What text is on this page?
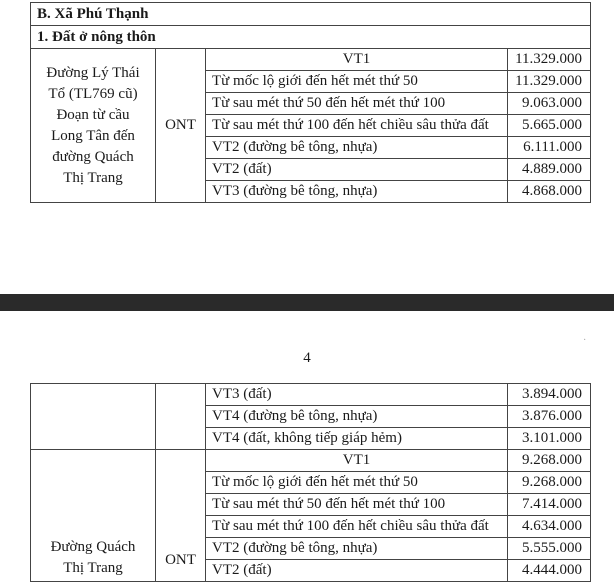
B. Xã Phú Thạnh			
1. Đất ở nông thôn			
Đường Lý Thái Tổ (TL769 cũ) Đoạn từ cầu Long Tân đến đường Quách Thị Trang	ONT	VT1	11.329.000
		Từ mốc lộ giới đến hết mét thứ 50	11.329.000
		Từ sau mét thứ 50 đến hết mét thứ 100	9.063.000
		Từ sau mét thứ 100 đến hết chiều sâu thửa đất	5.665.000
		VT2 (đường bê tông, nhựa)	6.111.000
		VT2 (đất)	4.889.000
		VT3 (đường bê tông, nhựa)	4.868.000
·
4
		VT3 (đất)	3.894.000
		VT4 (đường bê tông, nhựa)	3.876.000
		VT4 (đất, không tiếp giáp hẻm)	3.101.000
Đường Quách Thị Trang	ONT	VT1	9.268.000
		Từ mốc lộ giới đến hết mét thứ 50	9.268.000
		Từ sau mét thứ 50 đến hết mét thứ 100	7.414.000
		Từ sau mét thứ 100 đến hết chiều sâu thửa đất	4.634.000
		VT2 (đường bê tông, nhựa)	5.555.000
		VT2 (đất)	4.444.000
